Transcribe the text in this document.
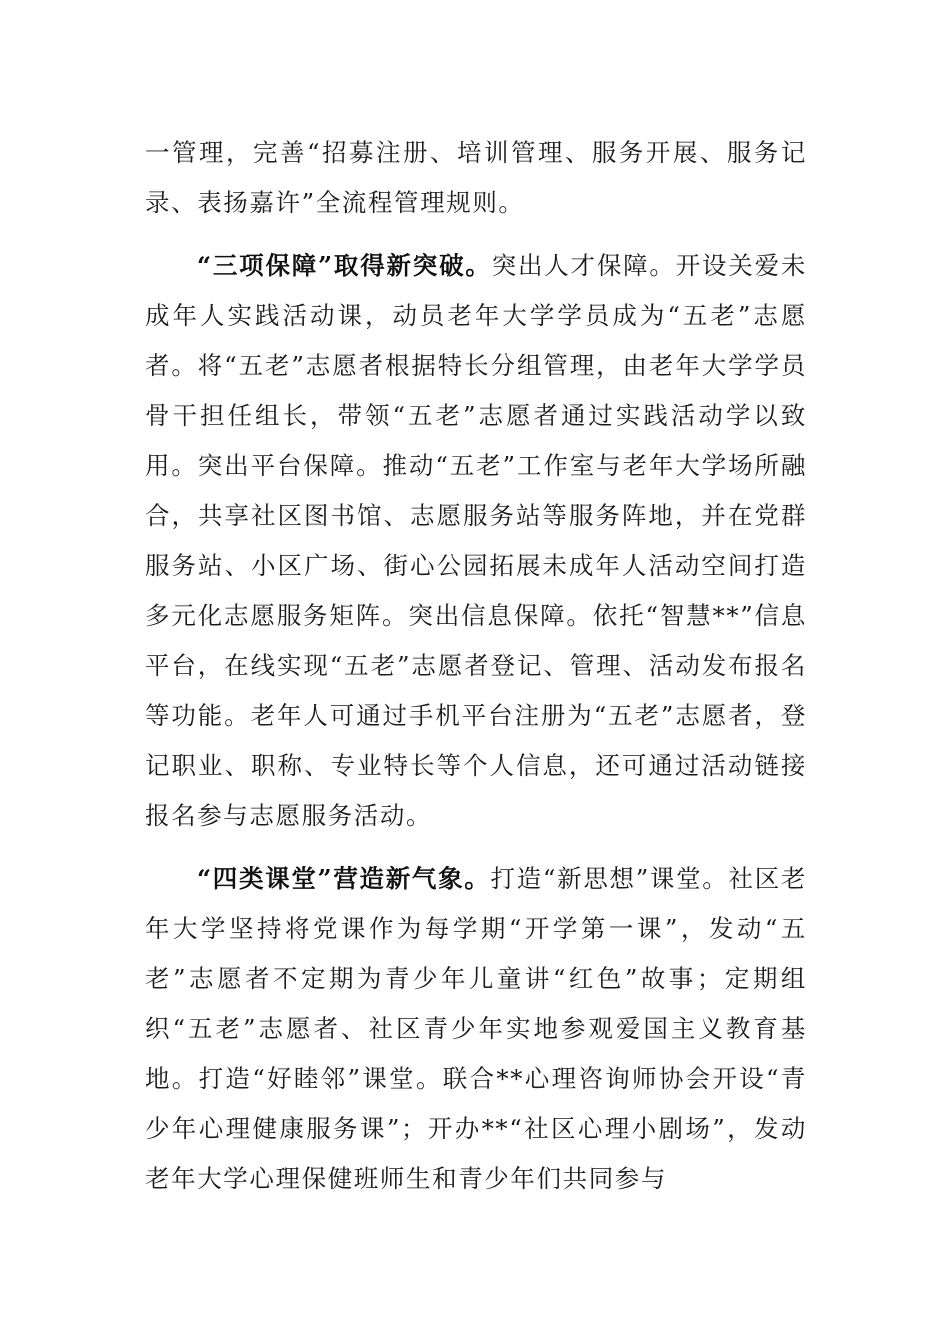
一管理，完善“招募注册、培训管理、服务开展、服务记录、表扬嘉许”全流程管理规则。

“三项保障”取得新突破。突出人才保障。开设关爱未成年人实践活动课，动员老年大学学员成为“五老”志愿者。将“五老”志愿者根据特长分组管理，由老年大学学员骨干担任组长，带领“五老”志愿者通过实践活动学以致用。突出平台保障。推动“五老”工作室与老年大学场所融合，共享社区图书馆、志愿服务站等服务阵地，并在党群服务站、小区广场、街心公园拓展未成年人活动空间打造多元化志愿服务矩阵。突出信息保障。依托“智慧**”信息平台，在线实现“五老”志愿者登记、管理、活动发布报名等功能。老年人可通过手机平台注册为“五老”志愿者，登记职业、职称、专业特长等个人信息，还可通过活动链接报名参与志愿服务活动。

“四类课堂”营造新气象。打造“新思想”课堂。社区老年大学坚持将党课作为每学期“开学第一课”，发动“五老”志愿者不定期为青少年儿童讲“红色”故事；定期组织“五老”志愿者、社区青少年实地参观爱国主义教育基地。打造“好睦邻”课堂。联合**心理咨询师协会开设“青少年心理健康服务课”；开办**“社区心理小剧场”，发动老年大学心理保健班师生和青少年们共同参与
